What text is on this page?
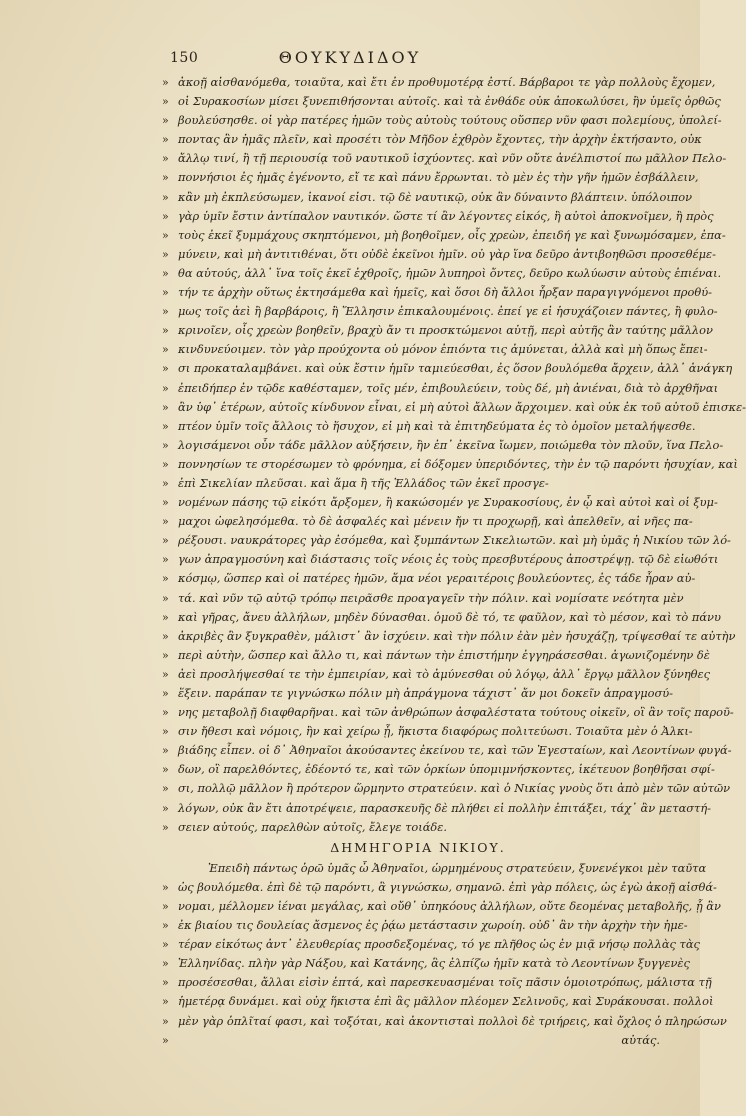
150	ΘΟΥΚΥΔΙΔΟΥ
» ἀκοῇ αἰσθανόμεθα, τοιαῦτα, καὶ ἔτι ἐν προθυμοτέρᾳ ἐστί. Βάρβαροι τε γὰρ πολλοὺς ἔχομεν,
» οἱ Συρακοσίων μίσει ξυνεπιθήσονται αὐτοῖς. καὶ τὰ ἐνθάδε οὐκ ἀποκωλύσει, ἢν ὑμεῖς ὀρθῶς
» βουλεύσησθε. οἱ γὰρ πατέρες ἡμῶν τοὺς αὐτοὺς τούτους οὕσπερ νῦν φασι πολεμίους, ὑπολεί-
» ποντας ἂν ἡμᾶς πλεῖν, καὶ προσέτι τὸν Μῆδον ἐχθρὸν ἔχοντες, τὴν ἀρχὴν ἐκτήσαντο, οὐκ
» ἄλλῳ τινί, ἢ τῇ περιουσίᾳ τοῦ ναυτικοῦ ἰσχύοντες. καὶ νῦν οὔτε ἀνέλπιστοί πω μᾶλλον Πελο-
» ποννήσιοι ἐς ἡμᾶς ἐγένοντο, εἴ τε καὶ πάνυ ἔρρωνται. τὸ μὲν ἐς τὴν γῆν ἡμῶν ἐσβάλλειν,
» κἂν μὴ ἐκπλεύσωμεν, ἱκανοί εἰσι. τῷ δὲ ναυτικῷ, οὐκ ἂν δύναιντο βλάπτειν. ὑπόλοιπον
» γὰρ ὑμῖν ἔστιν ἀντίπαλον ναυτικόν. ὥστε τί ἂν λέγοντες εἰκός, ἢ αὐτοὶ ἀποκνοῖμεν, ἢ πρὸς
» τοὺς ἐκεῖ ξυμμάχους σκηπτόμενοι, μὴ βοηθοῖμεν, οἷς χρεὼν, ἐπειδή γε καὶ ξυνωμόσαμεν, ἐπα-
» μύνειν, καὶ μὴ ἀντιτιθέναι, ὅτι οὐδὲ ἐκεῖνοι ἡμῖν. οὐ γὰρ ἵνα δεῦρο ἀντιβοηθῶσι προσεθέμε-
» θα αὐτούς, ἀλλ᾽ ἵνα τοῖς ἐκεῖ ἐχθροῖς, ἡμῶν λυπηροὶ ὄντες, δεῦρο κωλύωσιν αὐτοὺς ἐπιέναι.
» τήν τε ἀρχὴν οὕτως ἐκτησάμεθα καὶ ἡμεῖς, καὶ ὅσοι δὴ ἄλλοι ἦρξαν παραγιγνόμενοι προθύ-
» μως τοῖς ἀεὶ ἢ βαρβάροις, ἢ Ἕλλησιν ἐπικαλουμένοις. ἐπεί γε εἰ ἡσυχάζοιεν πάντες, ἢ φυλο-
» κρινοῖεν, οἷς χρεὼν βοηθεῖν, βραχὺ ἄν τι προσκτώμενοι αὐτῇ, περὶ αὐτῆς ἂν ταύτης μᾶλλον
» κινδυνεύοιμεν. τὸν γὰρ προύχοντα οὐ μόνον ἐπιόντα τις ἀμύνεται, ἀλλὰ καὶ μὴ ὅπως ἔπει-
» σι προκαταλαμβάνει. καὶ οὐκ ἔστιν ἡμῖν ταμιεύεσθαι, ἐς ὅσον βουλόμεθα ἄρχειν, ἀλλ᾽ ἀνάγκη
» ἐπειδήπερ ἐν τῷδε καθέσταμεν, τοῖς μέν, ἐπιβουλεύειν, τοὺς δέ, μὴ ἀνιέναι, διὰ τὸ ἀρχθῆναι
» ἂν ὑφ᾽ ἑτέρων, αὐτοῖς κίνδυνον εἶναι, εἰ μὴ αὐτοὶ ἄλλων ἄρχοιμεν. καὶ οὐκ ἐκ τοῦ αὐτοῦ ἐπισκε-
» πτέον ὑμῖν τοῖς ἄλλοις τὸ ἥσυχον, εἰ μὴ καὶ τὰ ἐπιτηδεύματα ἐς τὸ ὁμοῖον μεταλήψεσθε.
» λογισάμενοι οὖν τάδε μᾶλλον αὐξήσειν, ἢν ἐπ᾽ ἐκεῖνα ἴωμεν, ποιώμεθα τὸν πλοῦν, ἵνα Πελο-
» ποννησίων τε στορέσωμεν τὸ φρόνημα, εἰ δόξομεν ὑπεριδόντες, τὴν ἐν τῷ παρόντι ἡσυχίαν, καὶ
» ἐπὶ Σικελίαν πλεῦσαι. καὶ ἅμα ἢ τῆς Ἑλλάδος τῶν ἐκεῖ προσγε-
» νομένων πάσης τῷ εἰκότι ἄρξομεν, ἢ κακώσομέν γε Συρακοσίους, ἐν ᾧ καὶ αὐτοὶ καὶ οἱ ξυμ-
» μαχοι ὠφελησόμεθα. τὸ δὲ ἀσφαλές καὶ μένειν ἤν τι προχωρῇ, καὶ ἀπελθεῖν, αἱ νῆες πα-
» ρέξουσι. ναυκράτορες γὰρ ἐσόμεθα, καὶ ξυμπάντων Σικελιωτῶν. καὶ μὴ ὑμᾶς ἡ Νικίου τῶν λό-
» γων ἀπραγμοσύνη καὶ διάστασις τοῖς νέοις ἐς τοὺς πρεσβυτέρους ἀποστρέψῃ. τῷ δὲ εἰωθότι
» κόσμῳ, ὥσπερ καὶ οἱ πατέρες ἡμῶν, ἅμα νέοι γεραιτέροις βουλεύοντες, ἐς τάδε ἦραν αὐ-
» τά. καὶ νῦν τῷ αὐτῷ τρόπῳ πειρᾶσθε προαγαγεῖν τὴν πόλιν. καὶ νομίσατε νεότητα μὲν
» καὶ γῆρας, ἄνευ ἀλλήλων, μηδὲν δύνασθαι. ὁμοῦ δὲ τό, τε φαῦλον, καὶ τὸ μέσον, καὶ τὸ πάνυ
» ἀκριβὲς ἂν ξυγκραθὲν, μάλιστ᾽ ἂν ἰσχύειν. καὶ τὴν πόλιν ἐὰν μὲν ἡσυχάζῃ, τρίψεσθαί τε αὐτὴν
» περὶ αὑτὴν, ὥσπερ καὶ ἄλλο τι, καὶ πάντων τὴν ἐπιστήμην ἐγγηράσεσθαι. ἀγωνιζομένην δὲ
» ἀεὶ προσλήψεσθαί τε τὴν ἐμπειρίαν, καὶ τὸ ἀμύνεσθαι οὐ λόγῳ, ἀλλ᾽ ἔργῳ μᾶλλον ξύνηθες
» ἕξειν. παράπαν τε γιγνώσκω πόλιν μὴ ἀπράγμονα τάχιστ᾽ ἄν μοι δοκεῖν ἀπραγμοσύ-
» νης μεταβολῇ διαφθαρῆναι. καὶ τῶν ἀνθρώπων ἀσφαλέστατα τούτους οἰκεῖν, οἳ ἂν τοῖς παροῦ-
» σιν ἤθεσι καὶ νόμοις, ἢν καὶ χείρω ᾖ, ἥκιστα διαφόρως πολιτεύωσι. Τοιαῦτα μὲν ὁ Ἀλκι-
» βιάδης εἶπεν. οἱ δ᾽ Ἀθηναῖοι ἀκούσαντες ἐκείνου τε, καὶ τῶν Ἐγεσταίων, καὶ Λεοντίνων φυγά-
» δων, οἳ παρελθόντες, ἐδέοντό τε, καὶ τῶν ὁρκίων ὑπομιμνήσκοντες, ἱκέτευον βοηθῆσαι σφί-
» σι, πολλῷ μᾶλλον ἢ πρότερον ὥρμηντο στρατεύειν. καὶ ὁ Νικίας γνοὺς ὅτι ἀπὸ μὲν τῶν αὐτῶν
» λόγων, οὐκ ἂν ἔτι ἀποτρέψειε, παρασκευῆς δὲ πλήθει εἰ πολλὴν ἐπιτάξει, τάχ᾽ ἂν μεταστή-
» σειεν αὐτούς, παρελθὼν αὐτοῖς, ἔλεγε τοιάδε.
ΔΗΜΗΓΟΡΙΑ ΝΙΚΙΟΥ.
Ἐπειδὴ πάντως ὁρῶ ὑμᾶς ὦ Ἀθηναῖοι, ὡρμημένους στρατεύειν, ξυνενέγκοι μὲν ταῦτα
» ὡς βουλόμεθα. ἐπὶ δὲ τῷ παρόντι, ἃ γιγνώσκω, σημανῶ. ἐπὶ γὰρ πόλεις, ὡς ἐγὼ ἀκοῇ αἰσθά-
» νομαι, μέλλομεν ἰέναι μεγάλας, καὶ οὔθ᾽ ὑπηκόους ἀλλήλων, οὔτε δεομένας μεταβολῆς, ᾗ ἂν
» ἐκ βιαίου τις δουλείας ἄσμενος ἐς ῥᾴω μετάστασιν χωροίη. οὐδ᾽ ἂν τὴν ἀρχὴν τὴν ἡμε-
» τέραν εἰκότως ἀντ᾽ ἐλευθερίας προσδεξομένας, τό γε πλῆθος ὡς ἐν μιᾷ νήσῳ πολλὰς τὰς
» Ἑλληνίδας. πλὴν γὰρ Νάξου, καὶ Κατάνης, ἃς ἐλπίζω ἡμῖν κατὰ τὸ Λεοντίνων ξυγγενὲς
» προσέσεσθαι, ἄλλαι εἰσὶν ἑπτά, καὶ παρεσκευασμέναι τοῖς πᾶσιν ὁμοιοτρόπως, μάλιστα τῇ
» ἡμετέρᾳ δυνάμει. καὶ οὐχ ἥκιστα ἐπὶ ἃς μᾶλλον πλέομεν Σελινοῦς, καὶ Συράκουσαι. πολλοὶ
» μὲν γὰρ ὁπλῖταί φασι, καὶ τοξόται, καὶ ἀκοντισταὶ πολλοὶ δὲ τριήρεις, καὶ ὄχλος ὁ πληρώσων
»	αὐτάς.
